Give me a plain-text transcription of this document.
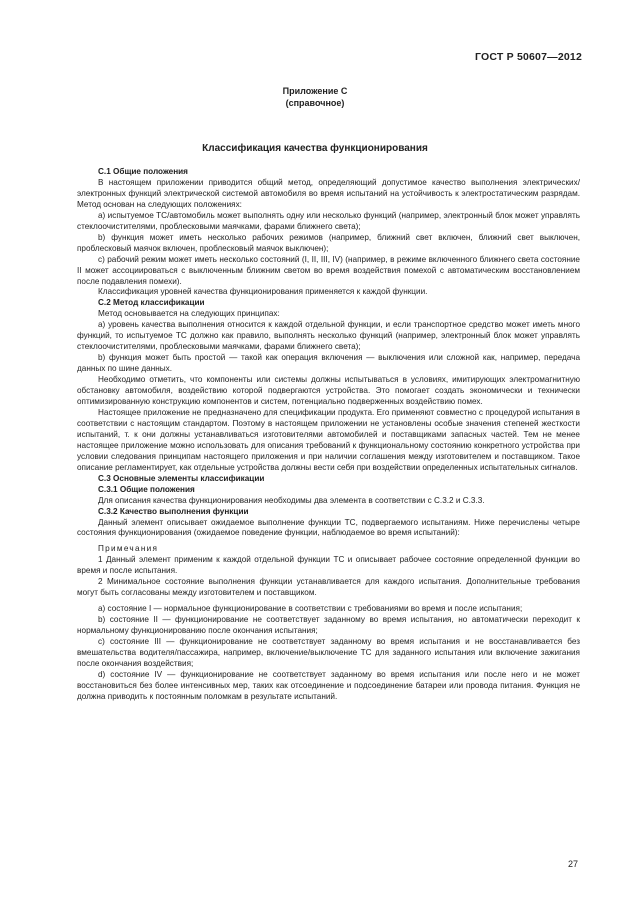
ГОСТ Р 50607—2012
Приложение С
(справочное)
Классификация качества функционирования

С.1 Общие положения

В настоящем приложении приводится общий метод, определяющий допустимое качество выполнения электрических/электронных функций электрической системой автомобиля во время испытаний на устойчивость к электростатическим разрядам. Метод основан на следующих положениях:

а) испытуемое ТС/автомобиль может выполнять одну или несколько функций (например, электронный блок может управлять стеклоочистителями, проблесковыми маячками, фарами ближнего света);

b) функция может иметь несколько рабочих режимов (например, ближний свет включен, ближний свет выключен, проблесковый маячок включен, проблесковый маячок выключен);

c) рабочий режим может иметь несколько состояний (I, II, III, IV) (например, в режиме включенного ближнего света состояние II может ассоциироваться с выключенным ближним светом во время воздействия помехой с автоматическим восстановлением после подавления помехи).

Классификация уровней качества функционирования применяется к каждой функции.

С.2 Метод классификации

Метод основывается на следующих принципах:

а) уровень качества выполнения относится к каждой отдельной функции, и если транспортное средство может иметь много функций, то испытуемое ТС должно как правило, выполнять несколько функций (например, электронный блок может управлять стеклоочистителями, проблесковыми маячками, фарами ближнего света);

b) функция может быть простой — такой как операция включения — выключения или сложной как, например, передача данных по шине данных.

Необходимо отметить, что компоненты или системы должны испытываться в условиях, имитирующих электромагнитную обстановку автомобиля, воздействию которой подвергаются устройства. Это помогает создать экономически и технически оптимизированную конструкцию компонентов и систем, потенциально подверженных воздействию помех.

Настоящее приложение не предназначено для спецификации продукта. Его применяют совместно с процедурой испытания в соответствии с настоящим стандартом. Поэтому в настоящем приложении не установлены особые значения степеней жесткости испытаний, т. к они должны устанавливаться изготовителями автомобилей и поставщиками запасных частей. Тем не менее настоящее приложение можно использовать для описания требований к функциональному состоянию конкретного устройства при условии следования принципам настоящего приложения и при наличии соглашения между изготовителем и поставщиком. Такое описание регламентирует, как отдельные устройства должны вести себя при воздействии определенных испытательных сигналов.

С.3 Основные элементы классификации

С.3.1 Общие положения

Для описания качества функционирования необходимы два элемента в соответствии с С.3.2 и С.3.3.

С.3.2 Качество выполнения функции

Данный элемент описывает ожидаемое выполнение функции ТС, подвергаемого испытаниям. Ниже перечислены четыре состояния функционирования (ожидаемое поведение функции, наблюдаемое во время испытаний):

Примечания

1 Данный элемент применим к каждой отдельной функции ТС и описывает рабочее состояние определенной функции во время и после испытания.

2 Минимальное состояние выполнения функции устанавливается для каждого испытания. Дополнительные требования могут быть согласованы между изготовителем и поставщиком.

а) состояние I — нормальное функционирование в соответствии с требованиями во время и после испытания;

b) состояние II — функционирование не соответствует заданному во время испытания, но автоматически переходит к нормальному функционированию после окончания испытания;

c) состояние III — функционирование не соответствует заданному во время испытания и не восстанавливается без вмешательства водителя/пассажира, например, включение/выключение ТС для заданного испытания или включение зажигания после окончания воздействия;

d) состояние IV — функционирование не соответствует заданному во время испытания или после него и не может восстановиться без более интенсивных мер, таких как отсоединение и подсоединение батареи или провода питания. Функция не должна приводить к постоянным поломкам в результате испытаний.

27
